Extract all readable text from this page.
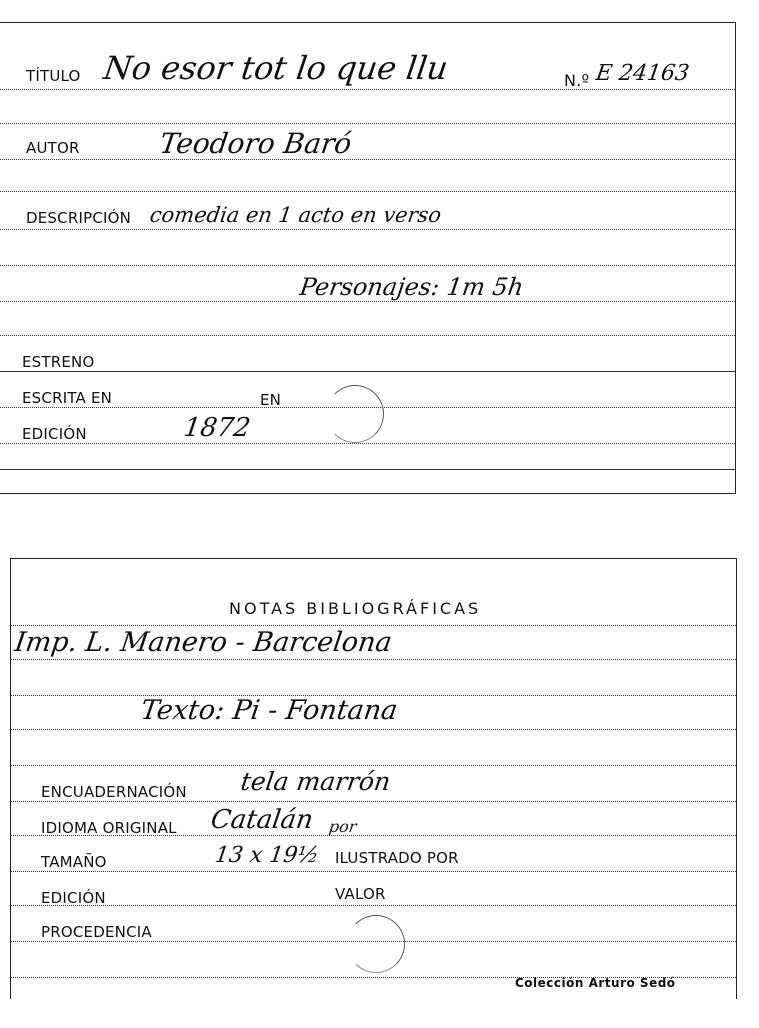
TÍTULO No esor tot lo que llu	N.º E 24163
AUTOR	Teodoro Baró
DESCRIPCIÓN comedia en 1 acto en verso
Personajes: 1m 5h
ESTRENO
ESCRITA EN	EN
EDICIÓN	1872
NOTAS BIBLIOGRÁFICAS
Imp. L. Manero - Barcelona
Texto: Pi - Fontana
ENCUADERNACIÓN tela marrón
IDIOMA ORIGINAL Catalán por
TAMAÑO	13 x 19½ ILUSTRADO POR
EDICIÓN	VALOR
PROCEDENCIA
Colección Arturo Sedó
